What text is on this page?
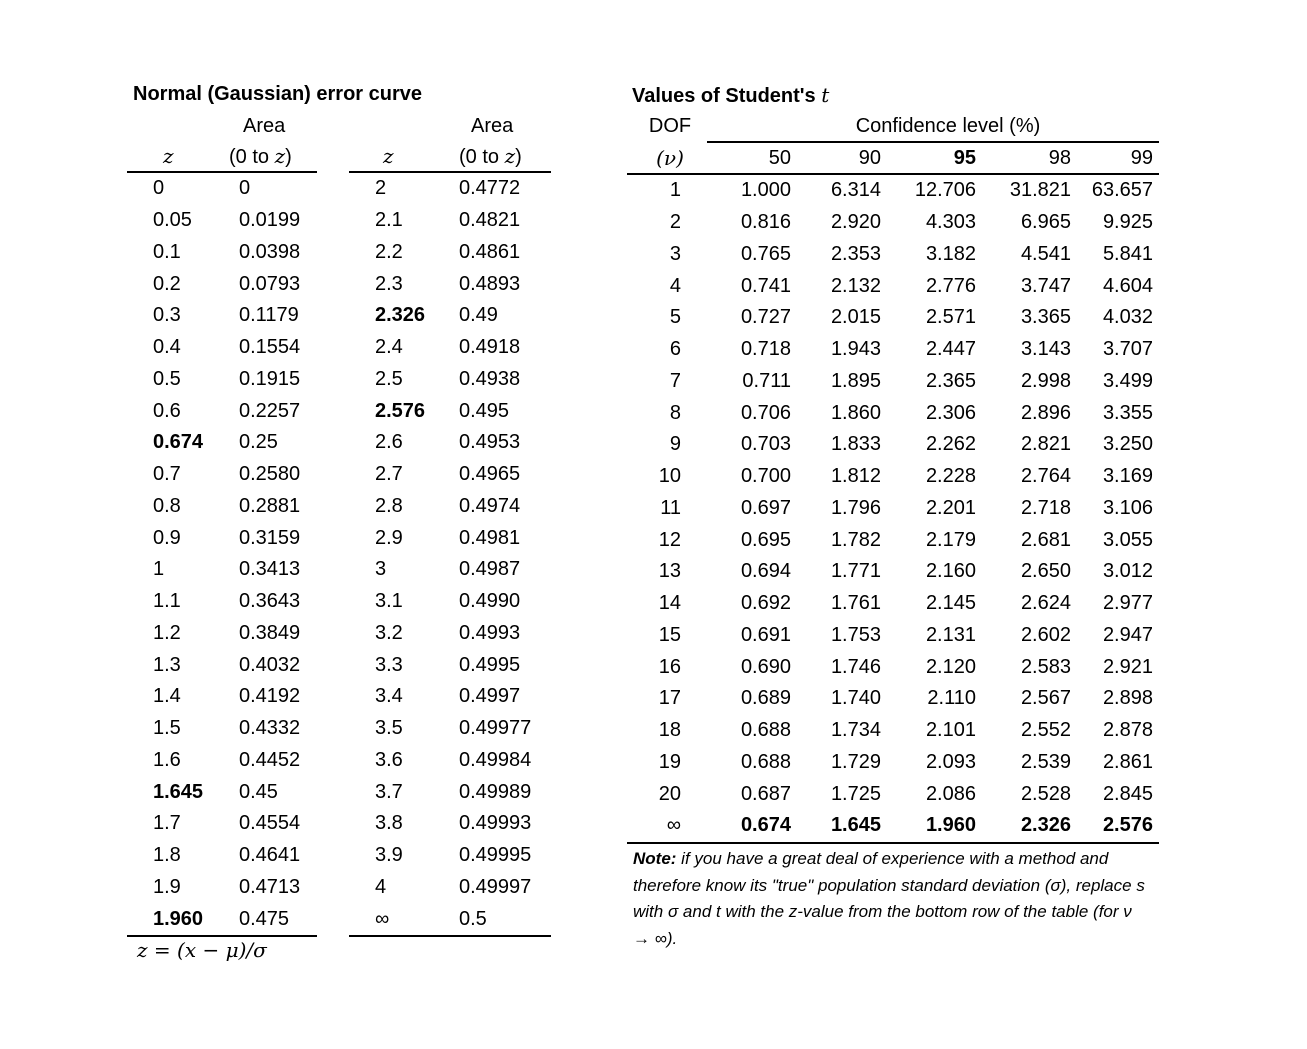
Normal (Gaussian) error curve
	Area
z	(0 to z)
0	0
0.05	0.0199
0.1	0.0398
0.2	0.0793
0.3	0.1179
0.4	0.1554
0.5	0.1915
0.6	0.2257
0.674	0.25
0.7	0.2580
0.8	0.2881
0.9	0.3159
1	0.3413
1.1	0.3643
1.2	0.3849
1.3	0.4032
1.4	0.4192
1.5	0.4332
1.6	0.4452
1.645	0.45
1.7	0.4554
1.8	0.4641
1.9	0.4713
1.960	0.475
	Area
z	(0 to z)
2	0.4772
2.1	0.4821
2.2	0.4861
2.3	0.4893
2.326	0.49
2.4	0.4918
2.5	0.4938
2.576	0.495
2.6	0.4953
2.7	0.4965
2.8	0.4974
2.9	0.4981
3	0.4987
3.1	0.4990
3.2	0.4993
3.3	0.4995
3.4	0.4997
3.5	0.49977
3.6	0.49984
3.7	0.49989
3.8	0.49993
3.9	0.49995
4	0.49997
∞	0.5
z = (x − μ)/σ
Values of Student's t
DOF	Confidence level (%)				
(ν)	50	90	95	98	99
1	1.000	6.314	12.706	31.821	63.657
2	0.816	2.920	4.303	6.965	9.925
3	0.765	2.353	3.182	4.541	5.841
4	0.741	2.132	2.776	3.747	4.604
5	0.727	2.015	2.571	3.365	4.032
6	0.718	1.943	2.447	3.143	3.707
7	0.711	1.895	2.365	2.998	3.499
8	0.706	1.860	2.306	2.896	3.355
9	0.703	1.833	2.262	2.821	3.250
10	0.700	1.812	2.228	2.764	3.169
11	0.697	1.796	2.201	2.718	3.106
12	0.695	1.782	2.179	2.681	3.055
13	0.694	1.771	2.160	2.650	3.012
14	0.692	1.761	2.145	2.624	2.977
15	0.691	1.753	2.131	2.602	2.947
16	0.690	1.746	2.120	2.583	2.921
17	0.689	1.740	2.110	2.567	2.898
18	0.688	1.734	2.101	2.552	2.878
19	0.688	1.729	2.093	2.539	2.861
20	0.687	1.725	2.086	2.528	2.845
∞	0.674	1.645	1.960	2.326	2.576
Note: if you have a great deal of experience with a method and therefore know its "true" population standard deviation (σ), replace s with σ and t with the z-value from the bottom row of the table (for ν → ∞).
